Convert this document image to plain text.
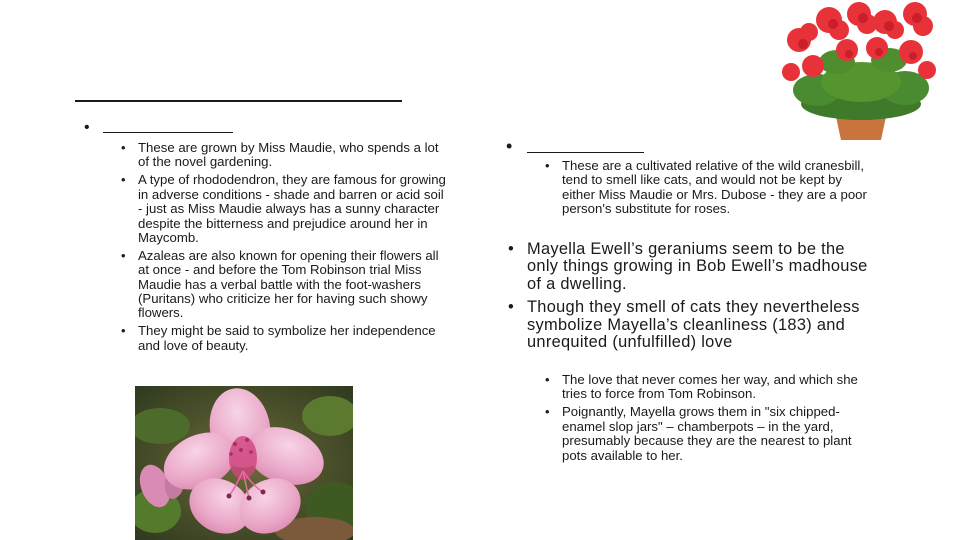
•
• These are grown by Miss Maudie, who spends a lot of the novel gardening.
• A type of rhododendron, they are famous for growing in adverse conditions - shade and barren or acid soil - just as Miss Maudie always has a sunny character despite the bitterness and prejudice around her in Maycomb.
• Azaleas are also known for opening their flowers all at once - and before the Tom Robinson trial Miss Maudie has a verbal battle with the foot-washers (Puritans) who criticize her for having such showy flowers.
• They might be said to symbolize her independence and love of beauty.
•
• These are a cultivated relative of the wild cranesbill, tend to smell like cats, and would not be kept by either Miss Maudie or Mrs. Dubose - they are a poor person's substitute for roses.
• Mayella Ewell’s geraniums seem to be the only things growing in Bob Ewell’s madhouse of a dwelling.
• Though they smell of cats they nevertheless symbolize Mayella’s cleanliness (183) and unrequited (unfulfilled) love
• The love that never comes her way, and which she tries to force from Tom Robinson.
• Poignantly, Mayella grows them in "six chipped-enamel slop jars" – chamberpots – in the yard, presumably because they are the nearest to plant pots available to her.
